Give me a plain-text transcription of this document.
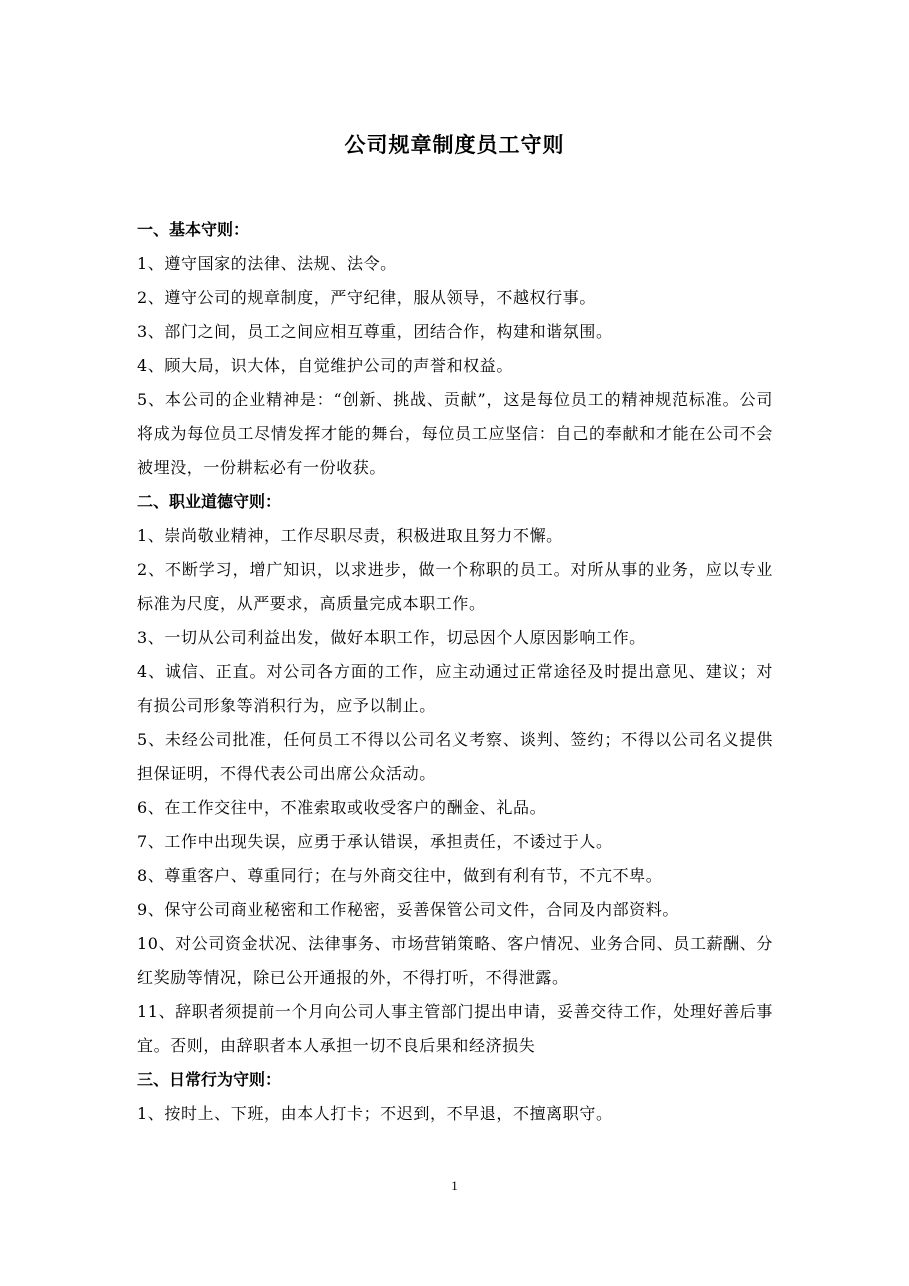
公司规章制度员工守则
一、基本守则：
1、遵守国家的法律、法规、法令。
2、遵守公司的规章制度，严守纪律，服从领导，不越权行事。
3、部门之间，员工之间应相互尊重，团结合作，构建和谐氛围。
4、顾大局，识大体，自觉维护公司的声誉和权益。
5、本公司的企业精神是：“创新、挑战、贡献”，这是每位员工的精神规范标准。公司将成为每位员工尽情发挥才能的舞台，每位员工应坚信：自己的奉献和才能在公司不会被埋没，一份耕耘必有一份收获。
二、职业道德守则：
1、崇尚敬业精神，工作尽职尽责，积极进取且努力不懈。
2、不断学习，增广知识，以求进步，做一个称职的员工。对所从事的业务，应以专业标准为尺度，从严要求，高质量完成本职工作。
3、一切从公司利益出发，做好本职工作，切忌因个人原因影响工作。
4、诚信、正直。对公司各方面的工作，应主动通过正常途径及时提出意见、建议；对有损公司形象等消积行为，应予以制止。
5、未经公司批准，任何员工不得以公司名义考察、谈判、签约；不得以公司名义提供担保证明，不得代表公司出席公众活动。
6、在工作交往中，不准索取或收受客户的酬金、礼品。
7、工作中出现失误，应勇于承认错误，承担责任，不诿过于人。
8、尊重客户、尊重同行；在与外商交往中，做到有利有节，不亢不卑。
9、保守公司商业秘密和工作秘密，妥善保管公司文件，合同及内部资料。
10、对公司资金状况、法律事务、市场营销策略、客户情况、业务合同、员工薪酬、分红奖励等情况，除已公开通报的外，不得打听，不得泄露。
11、辞职者须提前一个月向公司人事主管部门提出申请，妥善交待工作，处理好善后事宜。否则，由辞职者本人承担一切不良后果和经济损失
三、日常行为守则：
1、按时上、下班，由本人打卡；不迟到，不早退，不擅离职守。
1
